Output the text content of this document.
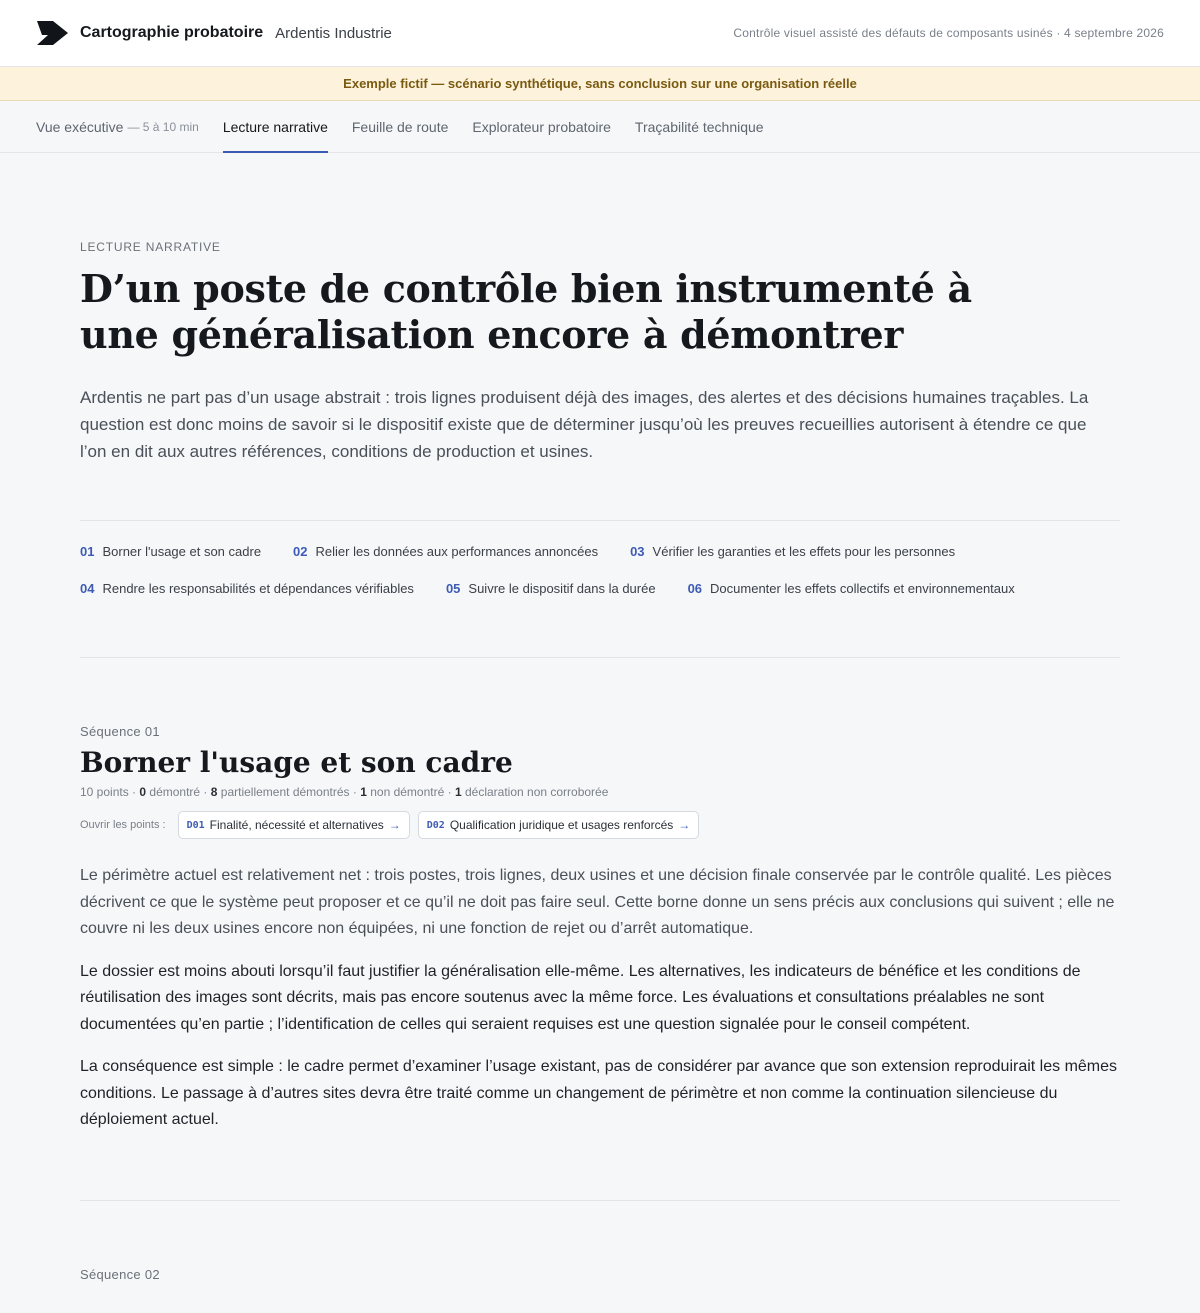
Cartographie probatoire Ardentis Industrie	Contrôle visuel assisté des défauts de composants usinés · 4 septembre 2026
Exemple fictif — scénario synthétique, sans conclusion sur une organisation réelle
Vue exécutive — 5 à 10 min Lecture narrative Feuille de route Explorateur probatoire Traçabilité technique
LECTURE NARRATIVE
D’un poste de contrôle bien instrumenté à une généralisation encore à démontrer

Ardentis ne part pas d’un usage abstrait : trois lignes produisent déjà des images, des alertes et des décisions humaines traçables. La question est donc moins de savoir si le dispositif existe que de déterminer jusqu’où les preuves recueillies autorisent à étendre ce que l’on en dit aux autres références, conditions de production et usines.

01 Borner l'usage et son cadre 02 Relier les données aux performances annoncées 03 Vérifier les garanties et les effets pour les personnes
04 Rendre les responsabilités et dépendances vérifiables 05 Suivre le dispositif dans la durée 06 Documenter les effets collectifs et environnementaux
Séquence 01
Borner l'usage et son cadre
10 points · 0 démontré · 8 partiellement démontrés · 1 non démontré · 1 déclaration non corroborée
Ouvrir les points : D01 Finalité, nécessité et alternatives →	D02 Qualification juridique et usages renforcés →

Le périmètre actuel est relativement net : trois postes, trois lignes, deux usines et une décision finale conservée par le contrôle qualité. Les pièces décrivent ce que le système peut proposer et ce qu’il ne doit pas faire seul. Cette borne donne un sens précis aux conclusions qui suivent ; elle ne couvre ni les deux usines encore non équipées, ni une fonction de rejet ou d’arrêt automatique.

Le dossier est moins abouti lorsqu’il faut justifier la généralisation elle-même. Les alternatives, les indicateurs de bénéfice et les conditions de réutilisation des images sont décrits, mais pas encore soutenus avec la même force. Les évaluations et consultations préalables ne sont documentées qu’en partie ; l’identification de celles qui seraient requises est une question signalée pour le conseil compétent.

La conséquence est simple : le cadre permet d’examiner l’usage existant, pas de considérer par avance que son extension reproduirait les mêmes conditions. Le passage à d’autres sites devra être traité comme un changement de périmètre et non comme la continuation silencieuse du déploiement actuel.

Séquence 02
